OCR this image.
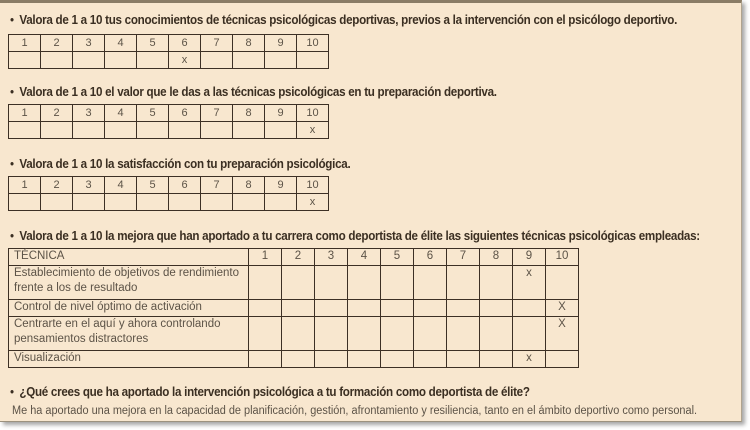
• Valora de 1 a 10 tus conocimientos de técnicas psicológicas deportivas, previos a la intervención con el psicólogo deportivo.
1	2	3	4	5	6	7	8	9	10
					x				
• Valora de 1 a 10 el valor que le das a las técnicas psicológicas en tu preparación deportiva.
1	2	3	4	5	6	7	8	9	10
									x
• Valora de 1 a 10 la satisfacción con tu preparación psicológica.
1	2	3	4	5	6	7	8	9	10
									x
• Valora de 1 a 10 la mejora que han aportado a tu carrera como deportista de élite las siguientes técnicas psicológicas empleadas:
TÉCNICA	1	2	3	4	5	6	7	8	9	10
Establecimiento de objetivos de rendimiento frente a los de resultado									x	
Control de nivel óptimo de activación										X
Centrarte en el aquí y ahora controlando pensamientos distractores										X
Visualización									x	
• ¿Qué crees que ha aportado la intervención psicológica a tu formación como deportista de élite?
Me ha aportado una mejora en la capacidad de planificación, gestión, afrontamiento y resiliencia, tanto en el ámbito deportivo como personal.
